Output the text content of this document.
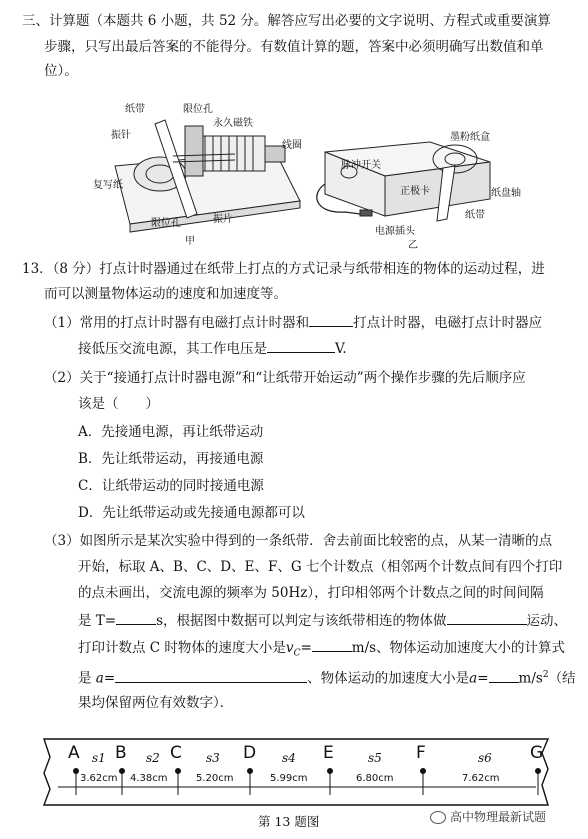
三、计算题（本题共 6 小题，共 52 分。解答应写出必要的文字说明、方程式或重要演算
步骤，只写出最后答案的不能得分。有数值计算的题，答案中必须明确写出数值和单
位）。
纸带	限位孔
永久磁铁
振针
线圈
复写纸
限位孔	振片
甲
墨粉纸盒
脉冲开关
纸盘轴
正极卡
纸带
电源插头
乙
13．（8 分）打点计时器通过在纸带上打点的方式记录与纸带相连的物体的运动过程，进
而可以测量物体运动的速度和加速度等。
（1）常用的打点计时器有电磁打点计时器和	打点计时器，电磁打点计时器应
接低压交流电源，其工作电压是	V.
（2）关于“接通打点计时器电源”和“让纸带开始运动”两个操作步骤的先后顺序应
该是（　　）
A．先接通电源，再让纸带运动
B．先让纸带运动，再接通电源
C．让纸带运动的同时接通电源
D．先让纸带运动或先接通电源都可以
（3）如图所示是某次实验中得到的一条纸带．舍去前面比较密的点，从某一清晰的点
开始，标取 A、B、C、D、E、F、G 七个计数点（相邻两个计数点间有四个打印
的点未画出，交流电源的频率为 50Hz），打印相邻两个计数点之间的时间间隔
是 T=	s，根据图中数据可以判定与该纸带相连的物体做	运动、
打印计数点 C 时物体的速度大小是$v_C=$	m/s、物体运动加速度大小的计算式
是 a=	、物体运动的加速度大小是$a= m/s^2$（结
果均保留两位有效数字）．
A B	C	D	E	F	G
s1	s2	s3	s4	s5	s6
3.62cm 4.38cm	5.20cm	5.99cm	6.80cm	7.62cm
第 13 题图	高中物理最新试题
